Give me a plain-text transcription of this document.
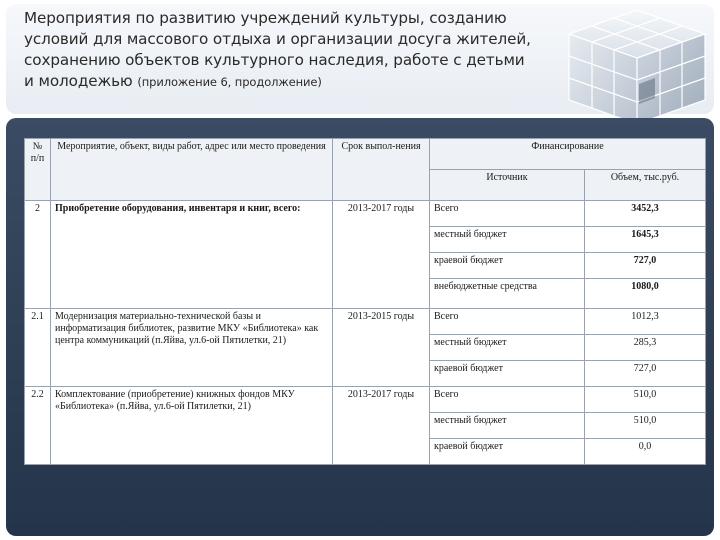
Мероприятия по развитию учреждений культуры, созданию условий для массового отдыха и организации досуга жителей, сохранению объектов культурного наследия, работе с детьми и молодежью (приложение 6, продолжение)
№ п/п	Мероприятие, объект, виды работ, адрес или место проведения	Срок выпол-нения	Финансирование	
			Источник	Объем, тыс.руб.
2	Приобретение оборудования, инвентаря и книг, всего:	2013-2017 годы	Всего	3452,3
			местный бюджет	1645,3
			краевой бюджет	727,0
			внебюджетные средства	1080,0
2.1	Модернизация материально-технической базы и информатизация библиотек, развитие МКУ «Библиотека» как центра коммуникаций (п.Яйва, ул.6-ой Пятилетки, 21)	2013-2015 годы	Всего	1012,3
			местный бюджет	285,3
			краевой бюджет	727,0
2.2	Комплектование (приобретение) книжных фондов МКУ «Библиотека» (п.Яйва, ул.6-ой Пятилетки, 21)	2013-2017 годы	Всего	510,0
			местный бюджет	510,0
			краевой бюджет	0,0
